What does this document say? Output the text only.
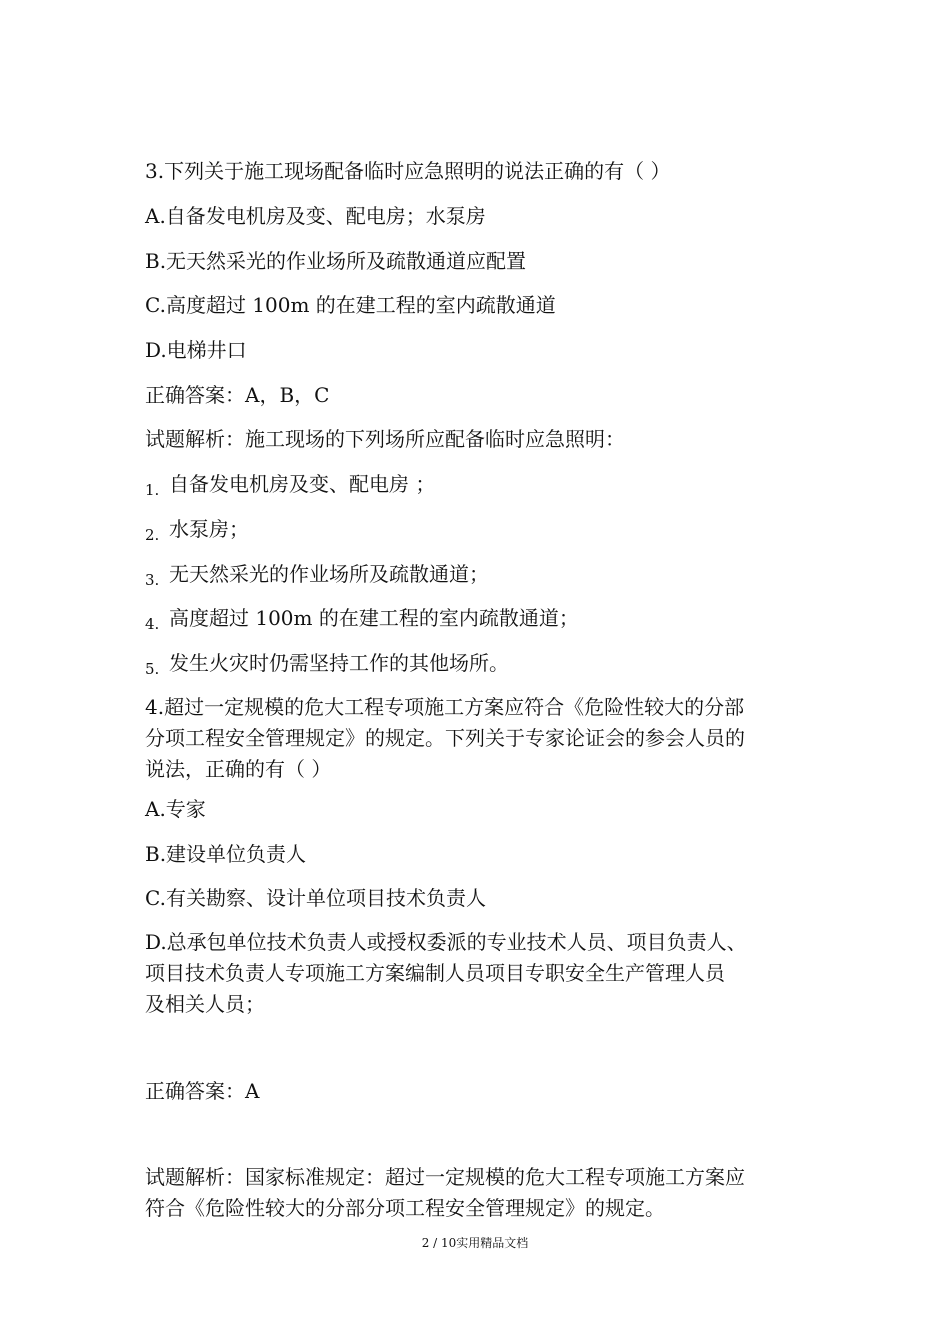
3.下列关于施工现场配备临时应急照明的说法正确的有（ ）
A.自备发电机房及变、配电房；水泵房
B.无天然采光的作业场所及疏散通道应配置
C.高度超过 100m 的在建工程的室内疏散通道
D.电梯井口
正确答案：A，B，C
试题解析：施工现场的下列场所应配备临时应急照明：
1. 自备发电机房及变、配电房 ；
2. 水泵房；
3. 无天然采光的作业场所及疏散通道；
4. 高度超过 100m 的在建工程的室内疏散通道；
5. 发生火灾时仍需坚持工作的其他场所。
4.超过一定规模的危大工程专项施工方案应符合《危险性较大的分部
分项工程安全管理规定》的规定。下列关于专家论证会的参会人员的
说法，正确的有（ ）
A.专家
B.建设单位负责人
C.有关勘察、设计单位项目技术负责人
D.总承包单位技术负责人或授权委派的专业技术人员、项目负责人、
项目技术负责人专项施工方案编制人员项目专职安全生产管理人员
及相关人员；
正确答案：A
试题解析：国家标准规定：超过一定规模的危大工程专项施工方案应
符合《危险性较大的分部分项工程安全管理规定》的规定。
2 / 10实用精品文档
